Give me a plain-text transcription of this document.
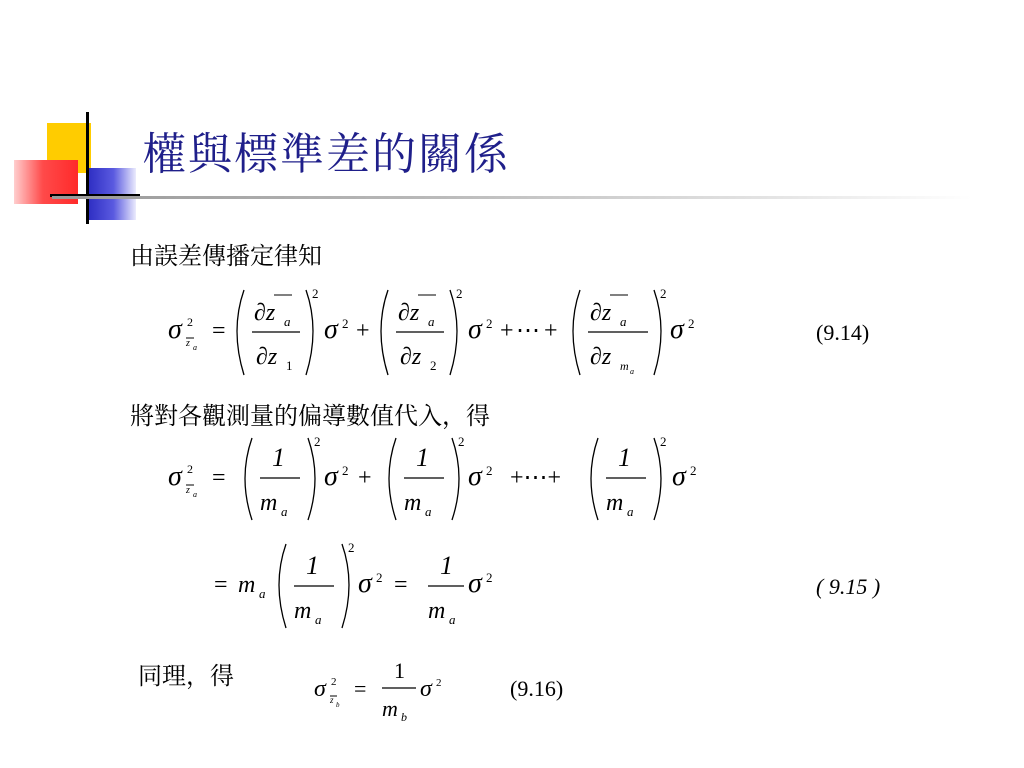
權與標準差的關係
由誤差傳播定律知
σ 2
z a
=
∂z a
∂z 1
2
σ 2 +
∂z a
∂z 2
2
σ 2 + ⋯ +
∂z a
∂z m a
2
σ 2	(9.14)
將對各觀測量的偏導數值代入，得
σ 2
z a
=
1
m a
2
σ 2 +
1
m a
2
σ 2 +⋯+
1
m a
2
σ 2
= m a
1
m a
2
σ 2 =
1
m a
σ 2	( 9.15 )
同理，得	σ 2
z b
=
1
m b
σ 2	(9.16)
